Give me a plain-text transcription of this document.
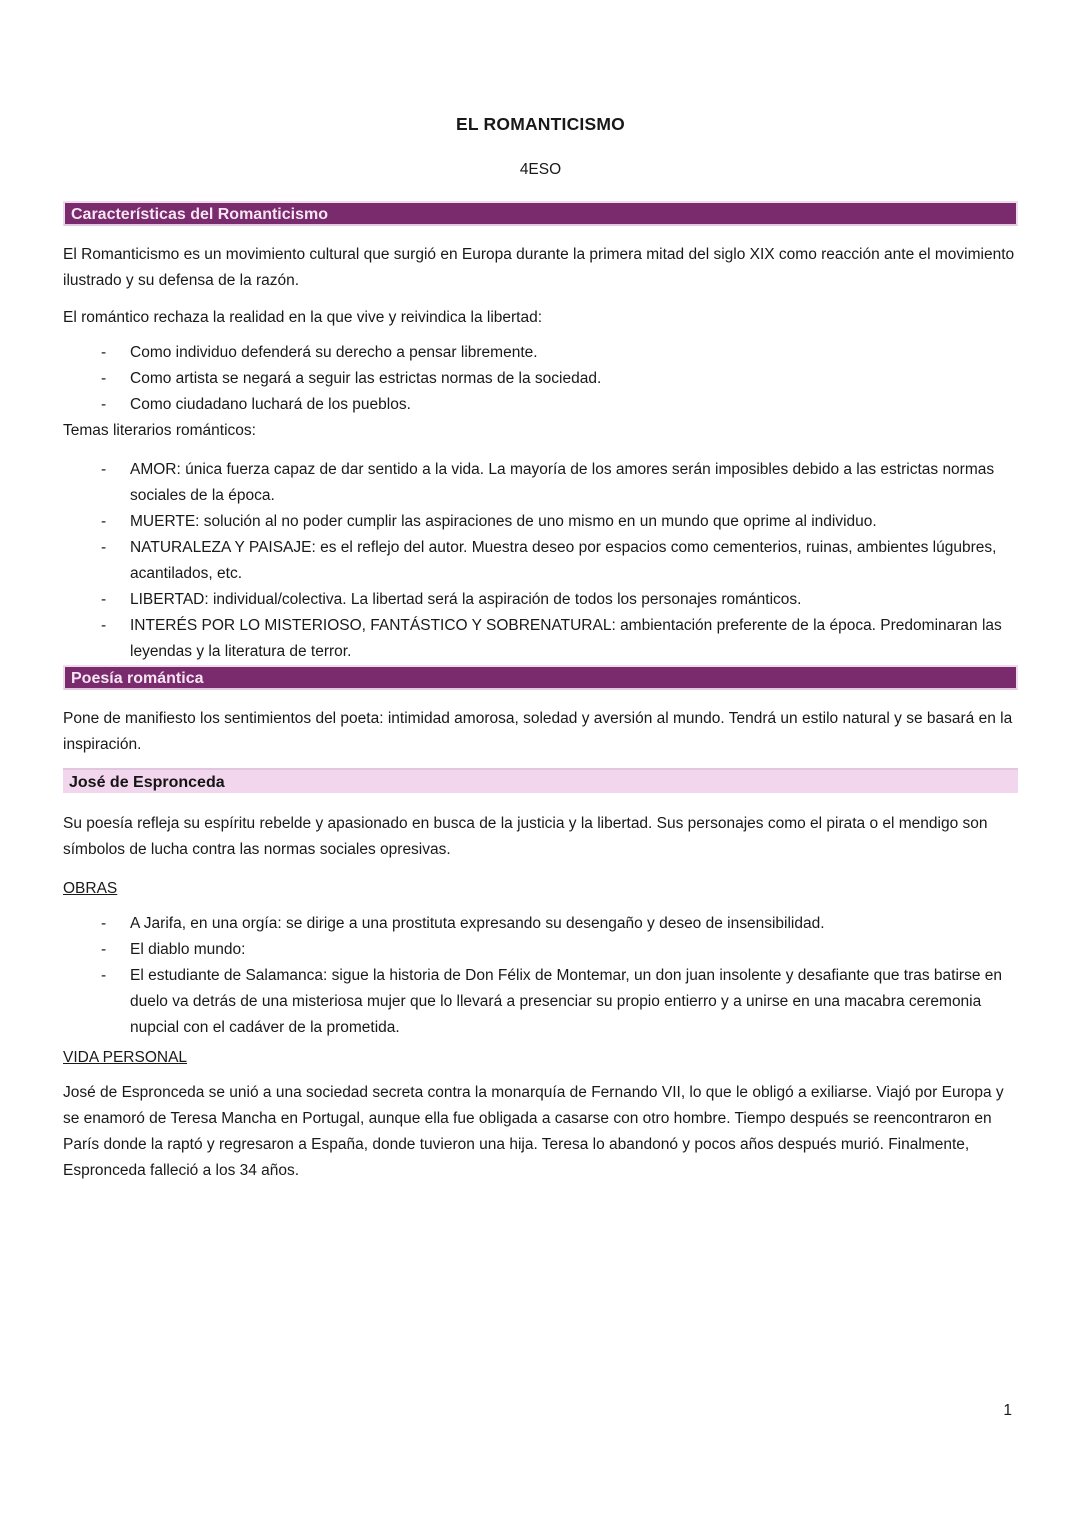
EL ROMANTICISMO
4ESO
Características del Romanticismo

El Romanticismo es un movimiento cultural que surgió en Europa durante la primera mitad del siglo XIX como reacción ante el movimiento ilustrado y su defensa de la razón.

El romántico rechaza la realidad en la que vive y reivindica la libertad:

- Como individuo defenderá su derecho a pensar libremente.
- Como artista se negará a seguir las estrictas normas de la sociedad.
- Como ciudadano luchará de los pueblos.

Temas literarios románticos:

- AMOR: única fuerza capaz de dar sentido a la vida. La mayoría de los amores serán imposibles debido a las estrictas normas sociales de la época.
- MUERTE: solución al no poder cumplir las aspiraciones de uno mismo en un mundo que oprime al individuo.
- NATURALEZA Y PAISAJE: es el reflejo del autor. Muestra deseo por espacios como cementerios, ruinas, ambientes lúgubres, acantilados, etc.
- LIBERTAD: individual/colectiva. La libertad será la aspiración de todos los personajes románticos.
- INTERÉS POR LO MISTERIOSO, FANTÁSTICO Y SOBRENATURAL: ambientación preferente de la época. Predominaran las leyendas y la literatura de terror.
Poesía romántica

Pone de manifiesto los sentimientos del poeta: intimidad amorosa, soledad y aversión al mundo. Tendrá un estilo natural y se basará en la inspiración.

José de Espronceda

Su poesía refleja su espíritu rebelde y apasionado en busca de la justicia y la libertad. Sus personajes como el pirata o el mendigo son símbolos de lucha contra las normas sociales opresivas.

OBRAS

- A Jarifa, en una orgía: se dirige a una prostituta expresando su desengaño y deseo de insensibilidad.
- El diablo mundo:
- El estudiante de Salamanca: sigue la historia de Don Félix de Montemar, un don juan insolente y desafiante que tras batirse en duelo va detrás de una misteriosa mujer que lo llevará a presenciar su propio entierro y a unirse en una macabra ceremonia nupcial con el cadáver de la prometida.

VIDA PERSONAL

José de Espronceda se unió a una sociedad secreta contra la monarquía de Fernando VII, lo que le obligó a exiliarse. Viajó por Europa y se enamoró de Teresa Mancha en Portugal, aunque ella fue obligada a casarse con otro hombre. Tiempo después se reencontraron en París donde la raptó y regresaron a España, donde tuvieron una hija. Teresa lo abandonó y pocos años después murió. Finalmente, Espronceda falleció a los 34 años.

1
